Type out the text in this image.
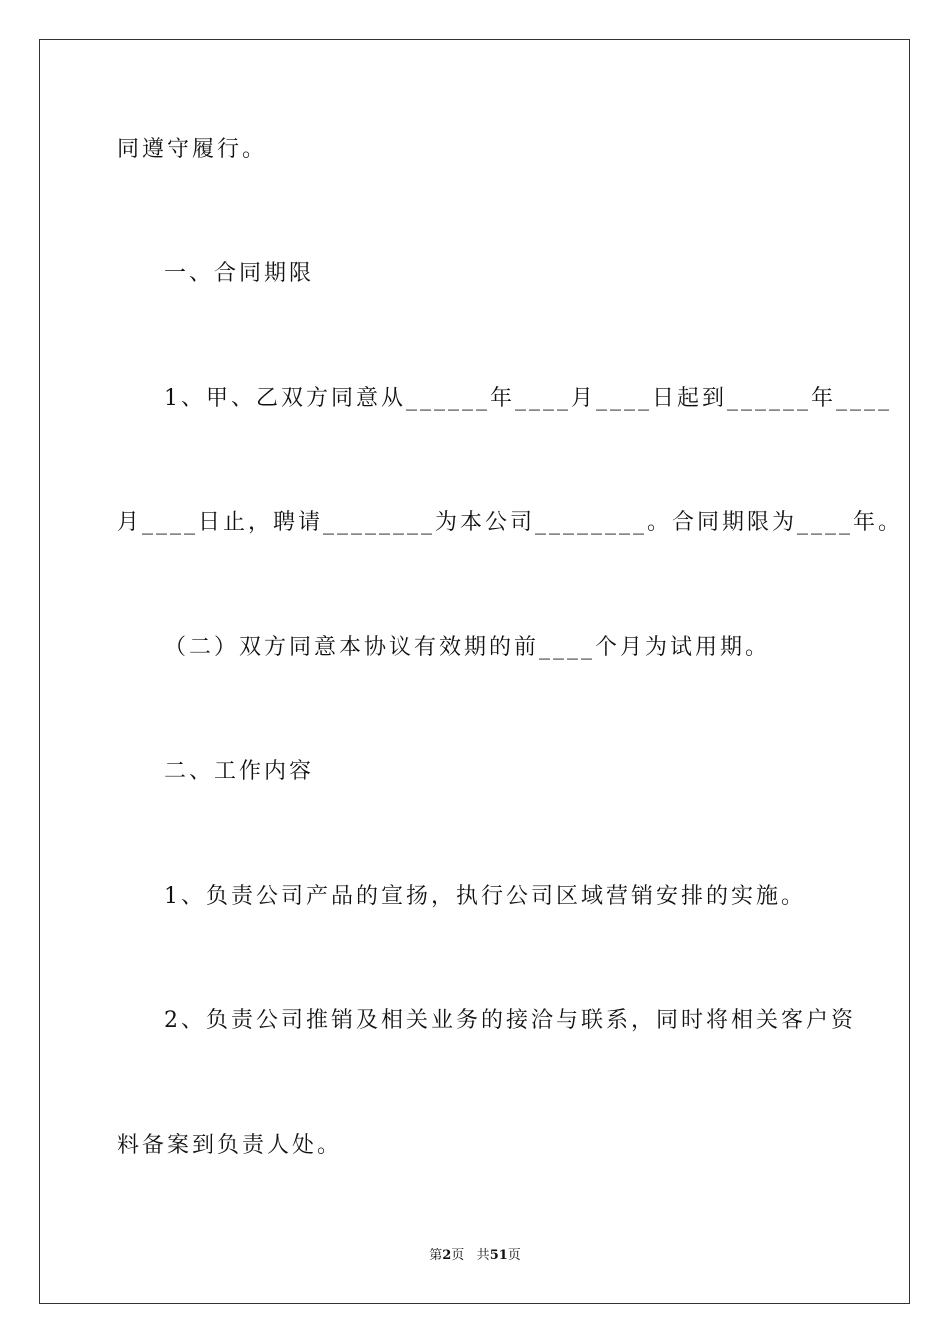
同遵守履行。
一、合同期限
1、甲、乙双方同意从______年____月____日起到______年____
月____日止，聘请________为本公司________。合同期限为____年。
（二）双方同意本协议有效期的前____个月为试用期。
二、工作内容
1、负责公司产品的宣扬，执行公司区域营销安排的实施。
2、负责公司推销及相关业务的接洽与联系，同时将相关客户资
料备案到负责人处。
第2页 共51页
